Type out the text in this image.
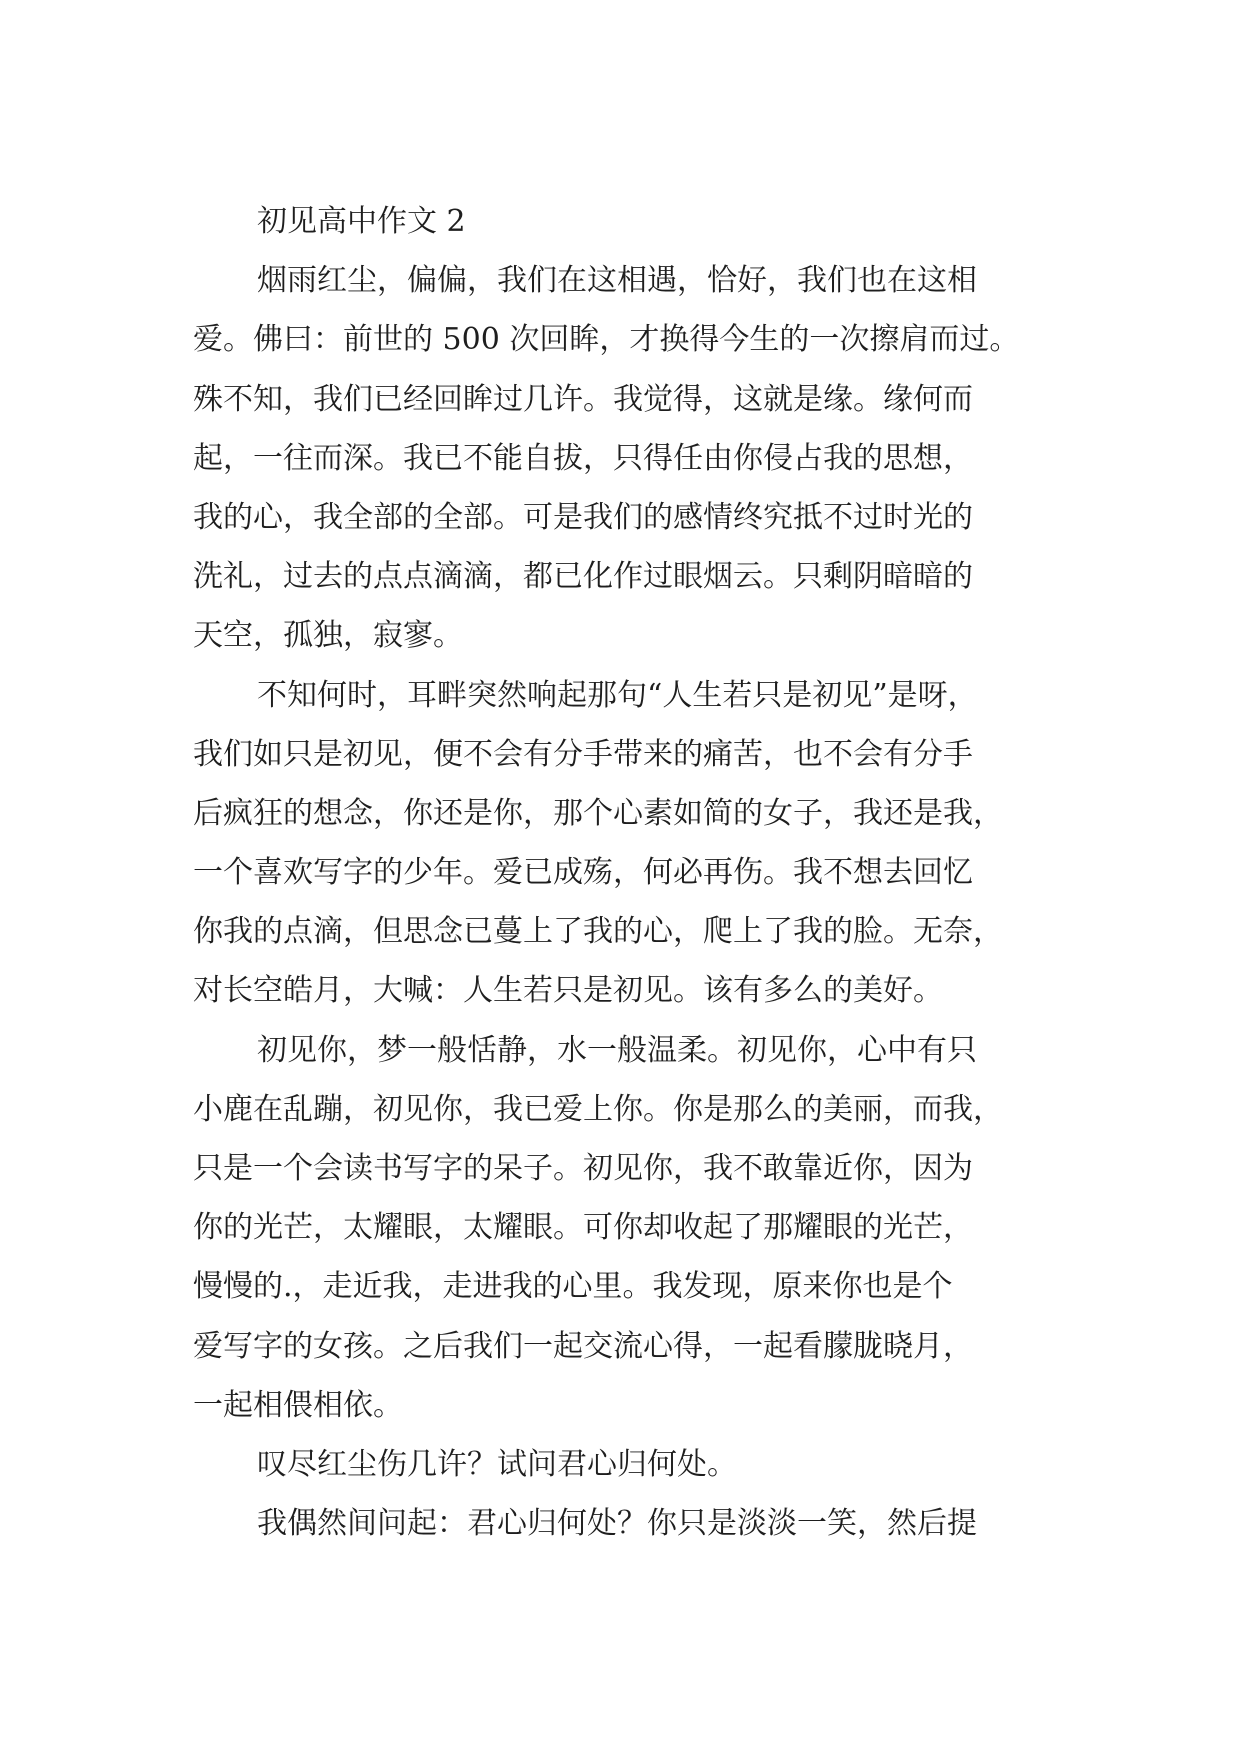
初见高中作文 2
烟雨红尘，偏偏，我们在这相遇，恰好，我们也在这相
爱。佛曰：前世的 500 次回眸，才换得今生的一次擦肩而过。
殊不知，我们已经回眸过几许。我觉得，这就是缘。缘何而
起，一往而深。我已不能自拔，只得任由你侵占我的思想，
我的心，我全部的全部。可是我们的感情终究抵不过时光的
洗礼，过去的点点滴滴，都已化作过眼烟云。只剩阴暗暗的
天空，孤独，寂寥。
不知何时，耳畔突然响起那句“人生若只是初见”是呀，
我们如只是初见，便不会有分手带来的痛苦，也不会有分手
后疯狂的想念，你还是你，那个心素如简的女子，我还是我，
一个喜欢写字的少年。爱已成殇，何必再伤。我不想去回忆
你我的点滴，但思念已蔓上了我的心，爬上了我的脸。无奈，
对长空皓月，大喊：人生若只是初见。该有多么的美好。
初见你，梦一般恬静，水一般温柔。初见你，心中有只
小鹿在乱蹦，初见你，我已爱上你。你是那么的美丽，而我，
只是一个会读书写字的呆子。初见你，我不敢靠近你，因为
你的光芒，太耀眼，太耀眼。可你却收起了那耀眼的光芒，
慢慢的.，走近我，走进我的心里。我发现，原来你也是个
爱写字的女孩。之后我们一起交流心得，一起看朦胧晓月，
一起相偎相依。
叹尽红尘伤几许？试问君心归何处。
我偶然间问起：君心归何处？你只是淡淡一笑，然后提
